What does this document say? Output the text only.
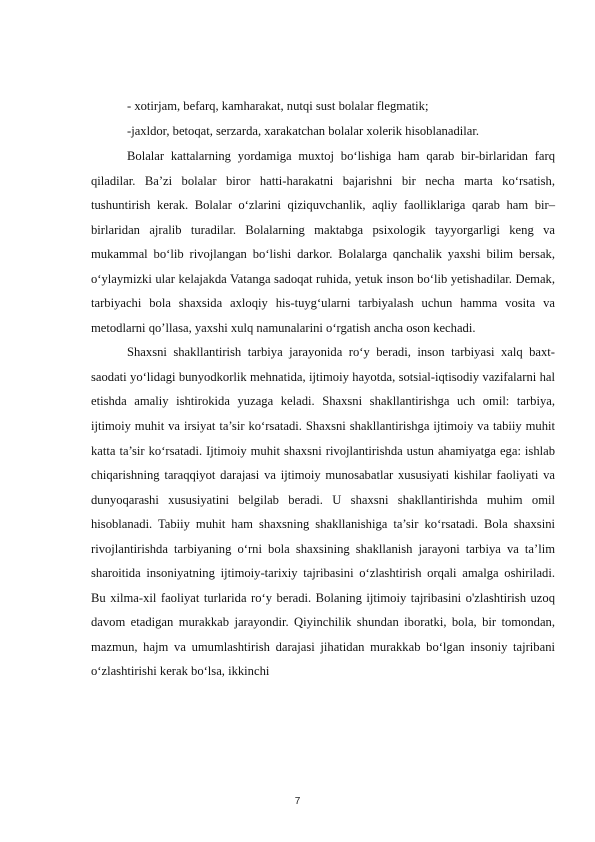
- xotirjam, befarq, kamharakat, nutqi sust bolalar flegmatik;

-jaxldor, betoqat, serzarda, xarakatchan bolalar xolerik hisoblanadilar.

Bolalar kattalarning yordamiga muxtoj bo‘lishiga ham qarab bir-birlaridan farq qiladilar. Ba’zi bolalar biror hatti-harakatni bajarishni bir necha marta ko‘rsatish, tushuntirish kerak. Bolalar o‘zlarini qiziquvchanlik, aqliy faolliklariga qarab ham bir–birlaridan ajralib turadilar. Bolalarning maktabga psixologik tayyorgarligi keng va mukammal bo‘lib rivojlangan bo‘lishi darkor. Bolalarga qanchalik yaxshi bilim bersak, o‘ylaymizki ular kelajakda Vatanga sadoqat ruhida, yetuk inson bo‘lib yetishadilar. Demak, tarbiyachi bola shaxsida axloqiy his-tuyg‘ularni tarbiyalash uchun hamma vosita va metodlarni qo’llasa, yaxshi xulq namunalarini o‘rgatish ancha oson kechadi.

Shaxsni shakllantirish tarbiya jarayonida ro‘y beradi, inson tarbiyasi xalq baxt-saodati yo‘lidagi bunyodkorlik mehnatida, ijtimoiy hayotda, sotsial-iqtisodiy vazifalarni hal etishda amaliy ishtirokida yuzaga keladi. Shaxsni shakllantirishga uch omil: tarbiya, ijtimoiy muhit va irsiyat ta’sir ko‘rsatadi. Shaxsni shakllantirishga ijtimoiy va tabiiy muhit katta ta’sir ko‘rsatadi. Ijtimoiy muhit shaxsni rivojlantirishda ustun ahamiyatga ega: ishlab chiqarishning taraqqiyot darajasi va ijtimoiy munosabatlar xususiyati kishilar faoliyati va dunyoqarashi xususiyatini belgilab beradi. U shaxsni shakllantirishda muhim omil hisoblanadi. Tabiiy muhit ham shaxsning shakllanishiga ta’sir ko‘rsatadi. Bola shaxsini rivojlantirishda tarbiyaning o‘rni bola shaxsining shakllanish jarayoni tarbiya va ta’lim sharoitida insoniyatning ijtimoiy-tarixiy tajribasini o‘zlashtirish orqali amalga oshiriladi. Bu xilma-xil faoliyat turlarida ro‘y beradi. Bolaning ijtimoiy tajribasini o'zlashtirish uzoq davom etadigan murakkab jarayondir. Qiyinchilik shundan iboratki, bola, bir tomondan, mazmun, hajm va umumlashtirish darajasi jihatidan murakkab bo‘lgan insoniy tajribani o‘zlashtirishi kerak bo‘lsa, ikkinchi

7
